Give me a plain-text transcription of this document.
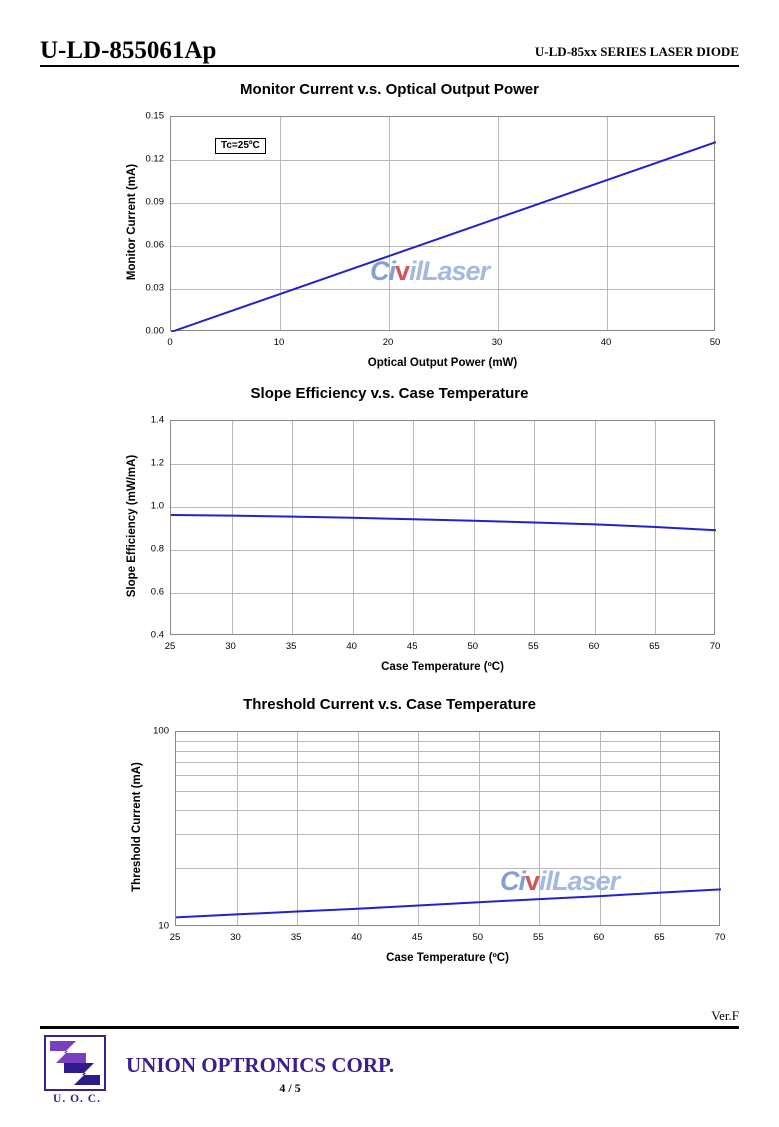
U-LD-855061Ap	U-LD-85xx SERIES LASER DIODE
Monitor Current v.s. Optical Output Power
0.00
0.03
0.06
0.09
0.12
0.15
0	10	20	30	40	50
Optical Output Power (mW)
Monitor Current (mA)
Tc=25ºC
CivilLaser
Slope Efficiency v.s. Case Temperature
0.4
0.6
0.8
1.0
1.2
1.4
25	30	35	40	45	50	55	60	65	70
Case Temperature (ºC)
Slope Efficiency (mW/mA)
Threshold Current v.s. Case Temperature
10
100
25	30	35	40	45	50	55	60	65	70
Case Temperature (ºC)
Threshold Current (mA)	CivilLaser
Ver.F
U. O. C.
UNION OPTRONICS CORP.
4 / 5
